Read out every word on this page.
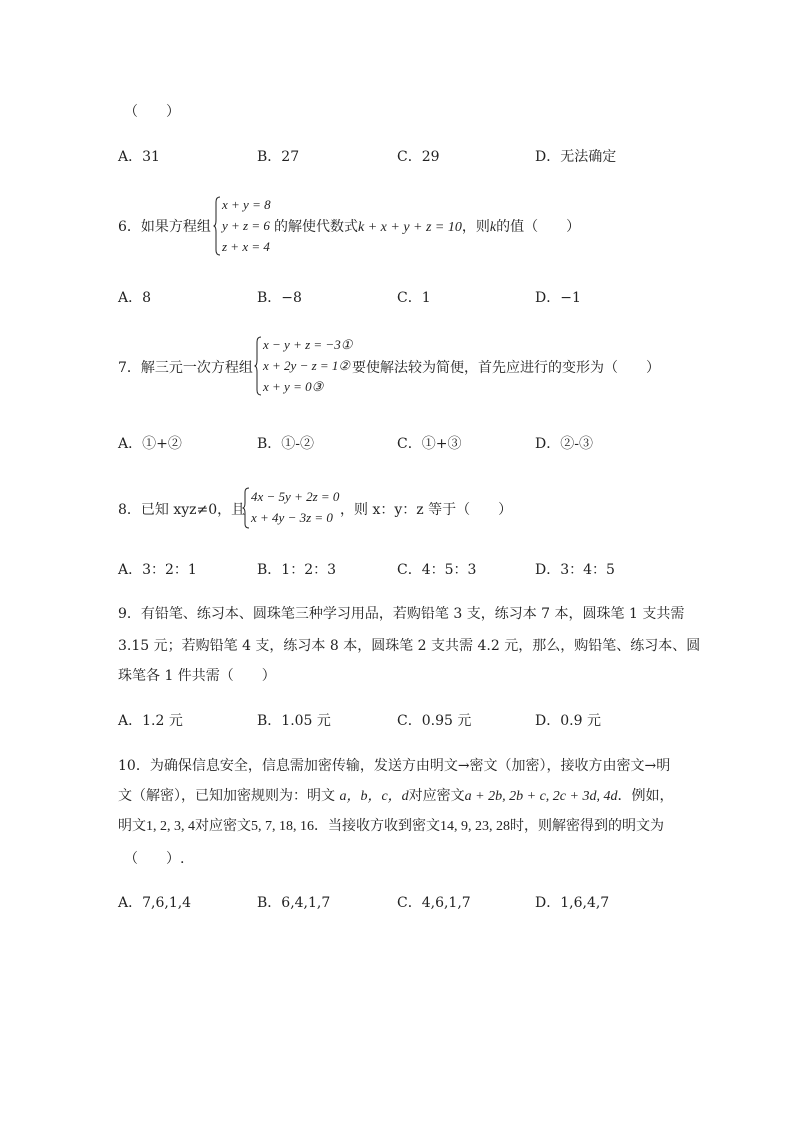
（　　）
A．31	B．27	C．29	D．无法确定
6．如果方程组
x + y = 8
y + z = 6
z + x = 4
的解使代数式k + x + y + z = 10，则k的值（　　）
A．8	B．−8	C．1	D．−1
7．解三元一次方程组
x − y + z = −3①
x + 2y − z = 1②
x + y = 0③
要使解法较为简便，首先应进行的变形为（　　）
A．①+②	B．①-②	C．①+③	D．②-③
8．已知 xyz≠0，且
4x − 5y + 2z = 0
x + 4y − 3z = 0 ，则 x：y：z 等于（　　）
A．3：2：1	B．1：2：3	C．4：5：3	D．3：4：5
9．有铅笔、练习本、圆珠笔三种学习用品，若购铅笔 3 支，练习本 7 本，圆珠笔 1 支共需
3.15 元；若购铅笔 4 支，练习本 8 本，圆珠笔 2 支共需 4.2 元，那么，购铅笔、练习本、圆
珠笔各 1 件共需（　　）
A．1.2 元	B．1.05 元	C．0.95 元	D．0.9 元
10．为确保信息安全，信息需加密传输，发送方由明文→密文（加密），接收方由密文→明
文（解密），已知加密规则为：明文 a，b，c，d对应密文a + 2b, 2b + c, 2c + 3d, 4d．例如，
明文1, 2, 3, 4对应密文5, 7, 18, 16．当接收方收到密文14, 9, 23, 28时，则解密得到的明文为
（　　）.
A．7,6,1,4	B．6,4,1,7	C．4,6,1,7	D．1,6,4,7
